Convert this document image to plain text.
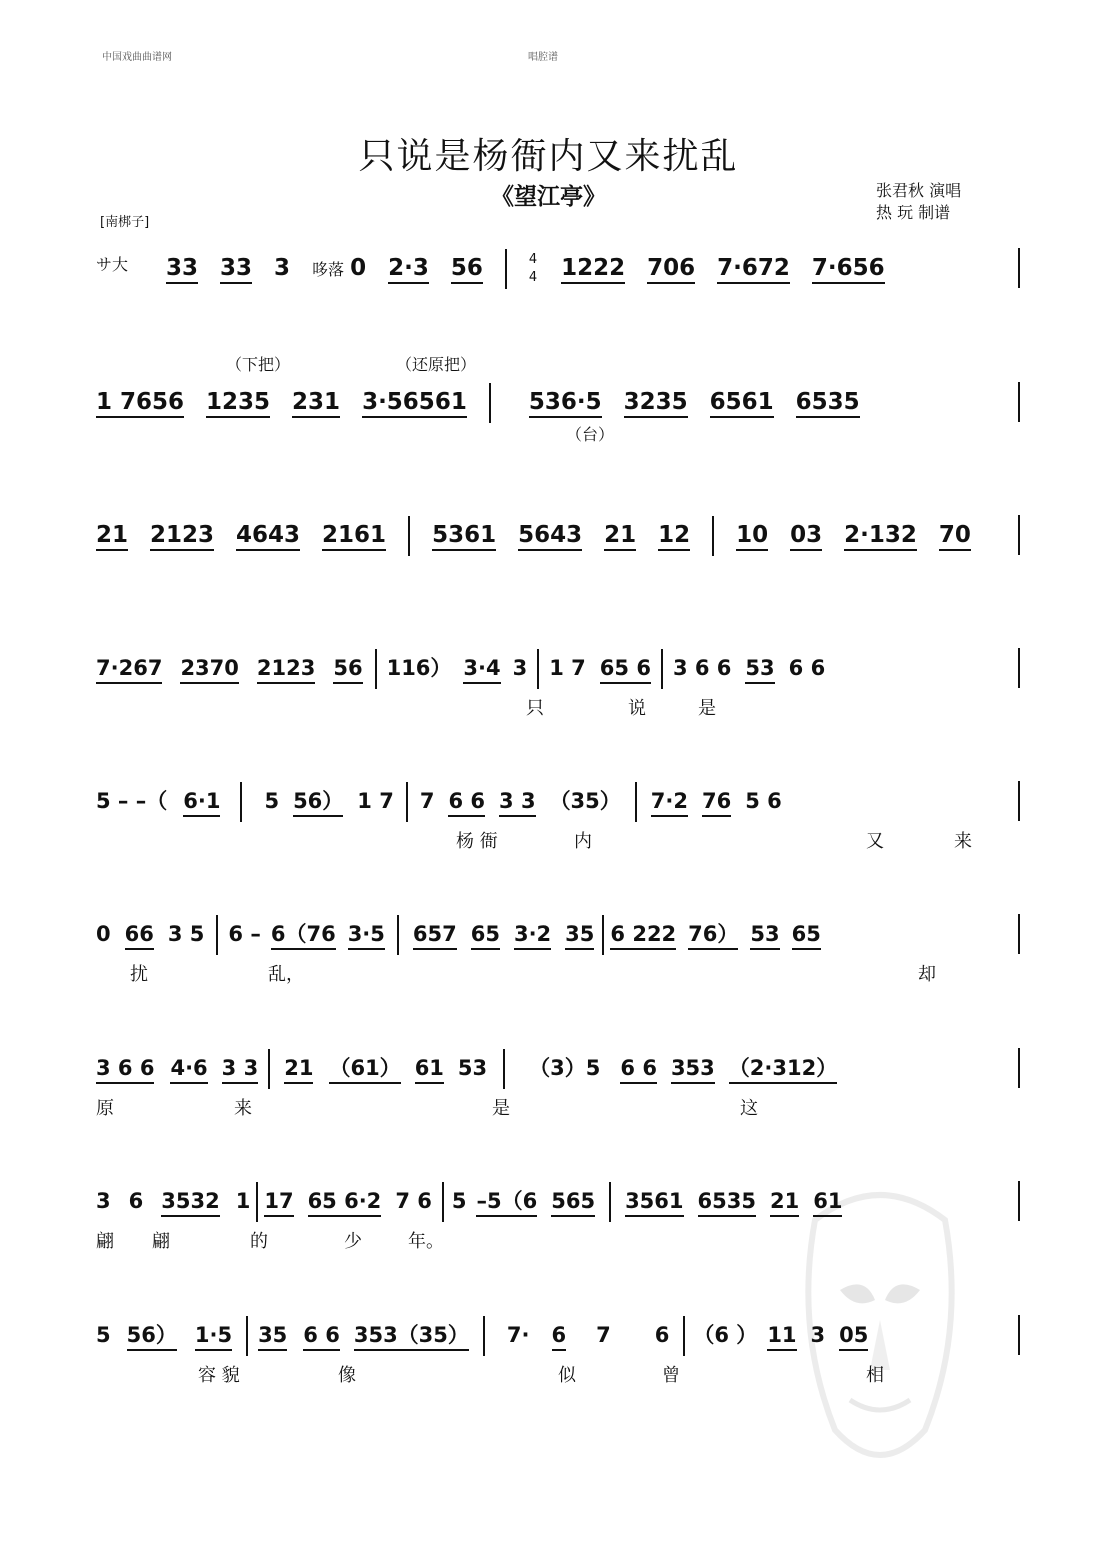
中国戏曲曲谱网	唱腔谱
只说是杨衙内又来扰乱
《望江亭》	张君秋 演唱
热 玩 制谱
[南梆子]
サ大 33 33 3 哆落 0 2·3 56	4
4 1222 706 7·672 7·656
（下把）	（还原把）
1 7656 1235 231 3·56561	536·5 3235 6561 6535
（台）
21 2123 4643 2161 5361 5643 21 12 10 03 2·132 70
7·267 2370 2123 56 116） 3·4 3 1 7 65 6 3 6 6 53 6 6
只	说	是
5 – –（ 6·1 5 56） 1 7 7 6 6 3 3 （35） 7·2 76 5 6
杨 衙	内	又	来
0 66 3 5 6 – 6（76 3·5 657 65 3·2 35 6 222 76） 53 65
扰	乱，	却
3 6 6 4·6 3 3 21 （61） 61 53 （3）5 6 6 353 （2·312）
原	来	是	这
3 6 3532 1 17 65 6·2 7 6 5 –5（6 565 3561 6535 21 61
翩 翩	的	少	年。
5 56） 1·5 35 6 6 353（35） 7· 6 7 6 （6 ） 11 3 05
容 貌	像	似	曾	相
